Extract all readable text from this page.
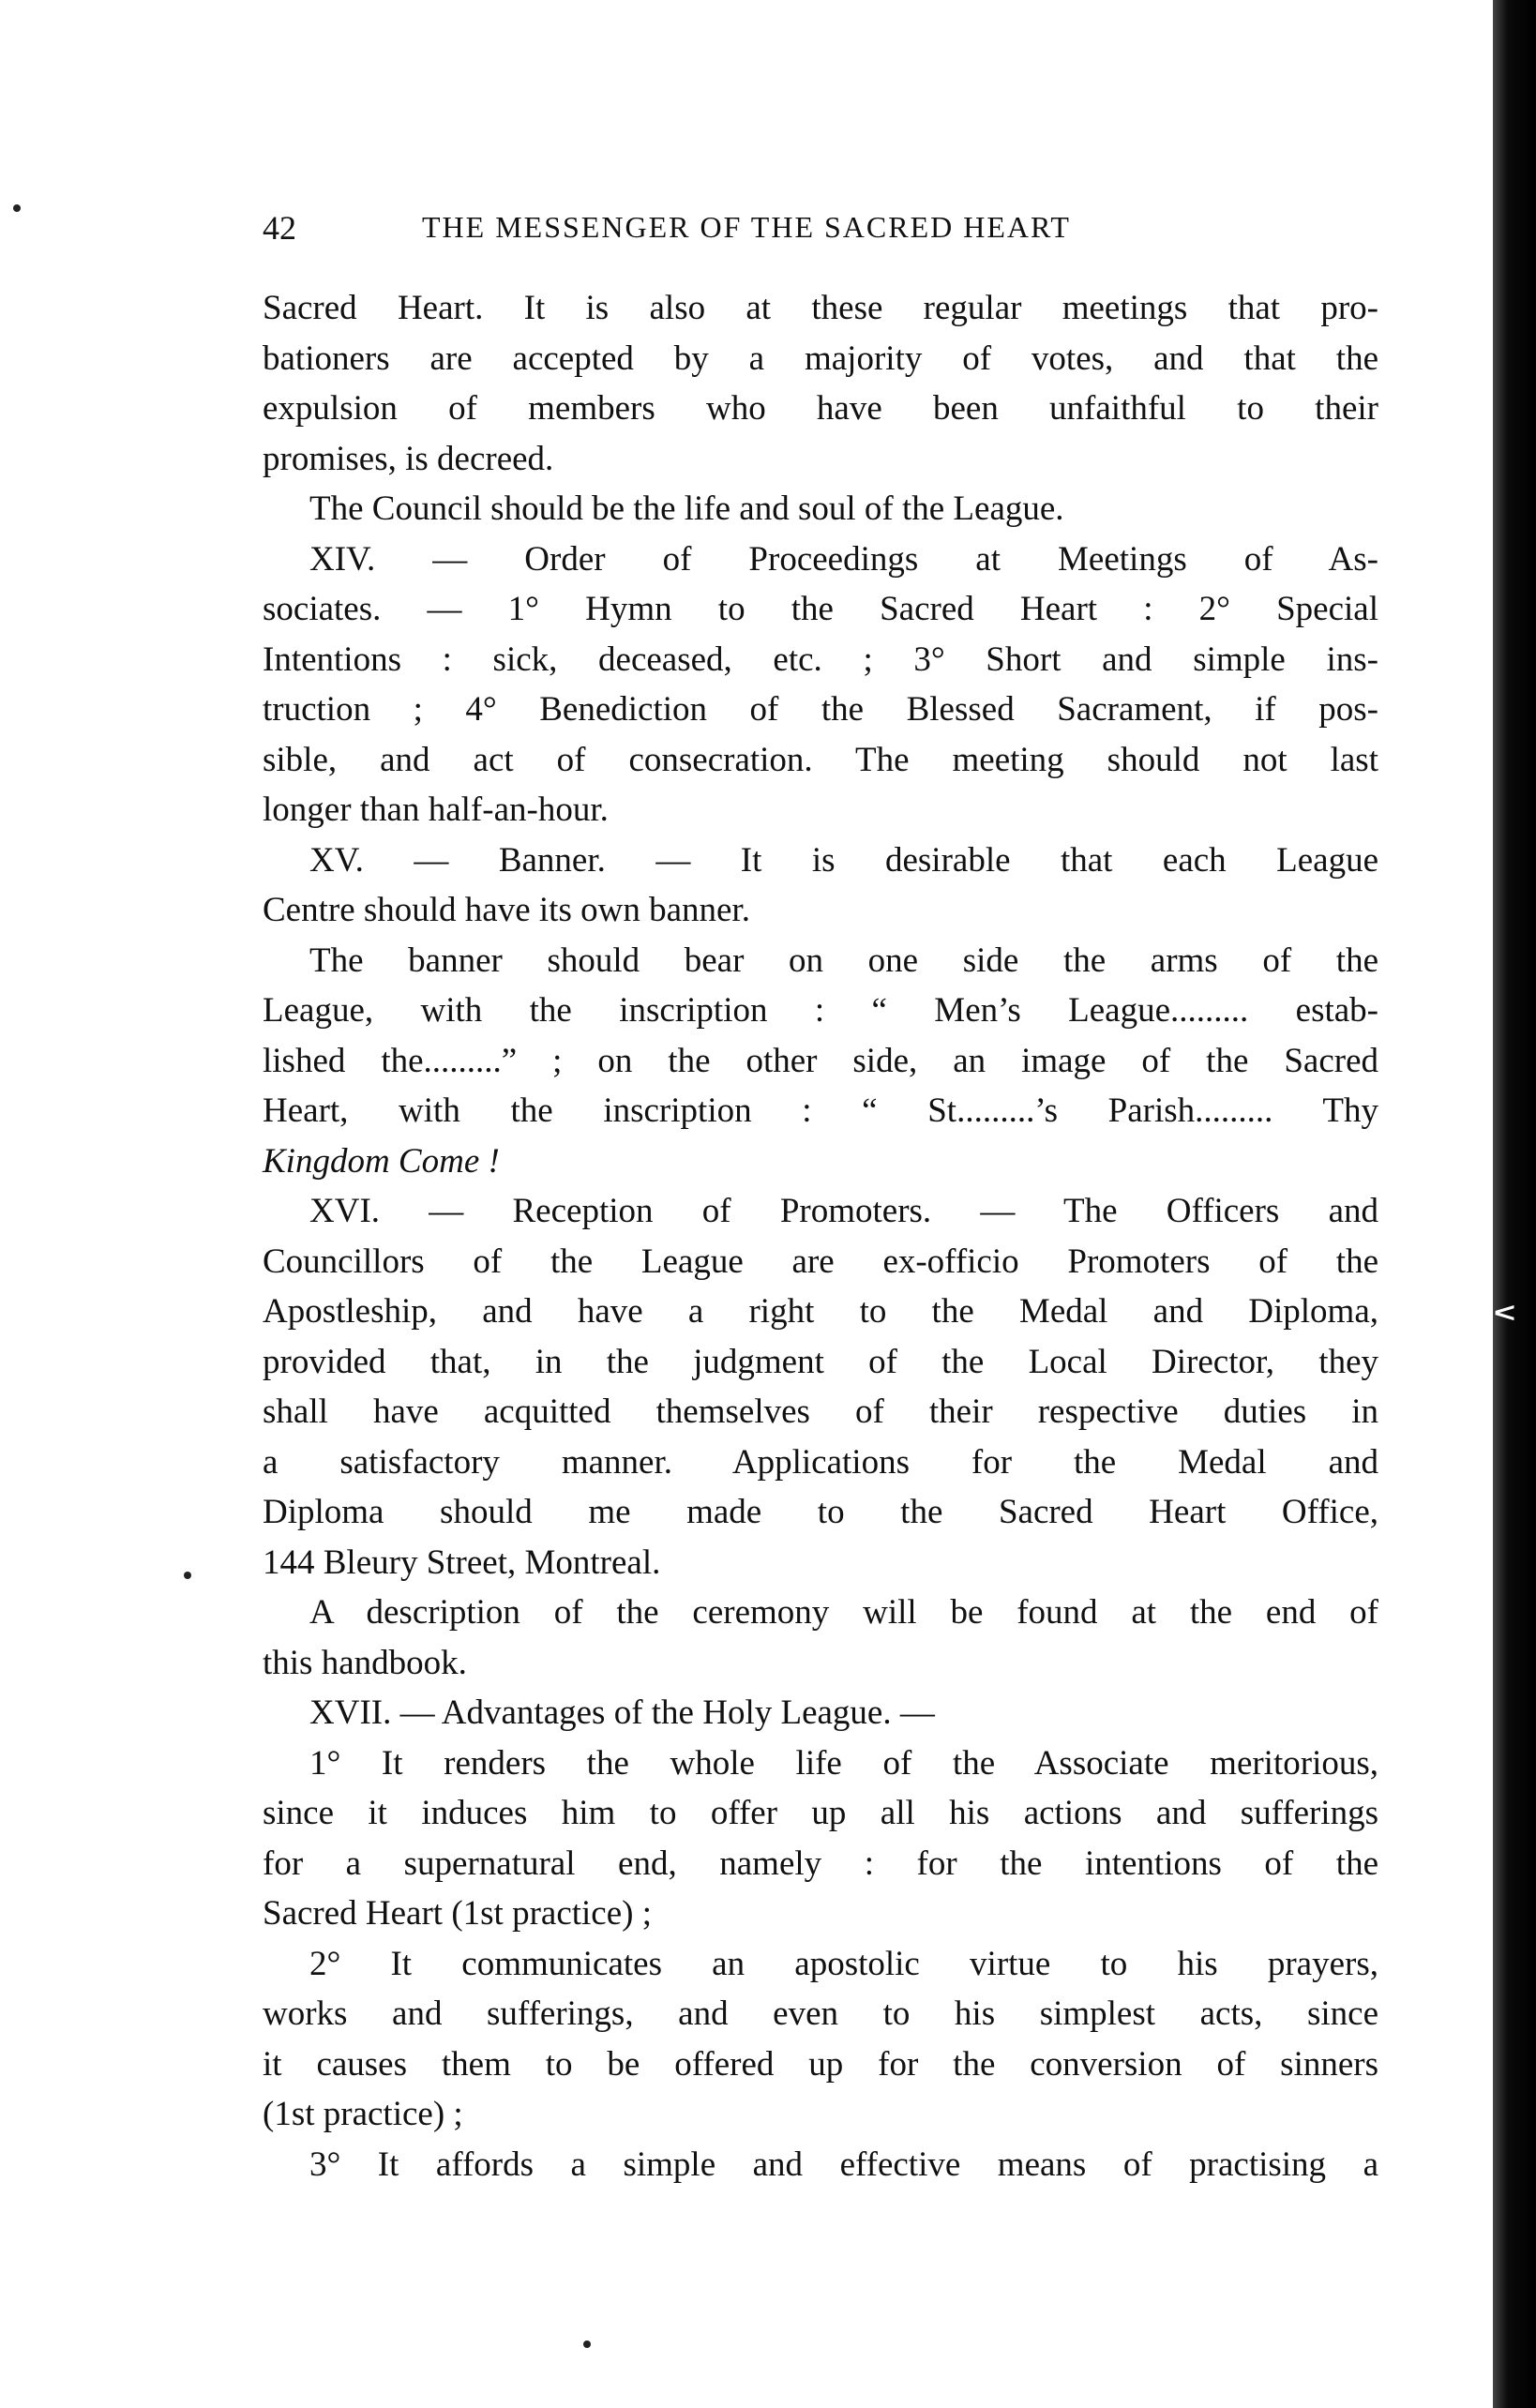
∧
42	THE MESSENGER OF THE SACRED HEART
Sacred Heart. It is also at these regular meetings that pro-
bationers are accepted by a majority of votes, and that the
expulsion of members who have been unfaithful to their
promises, is decreed.
The Council should be the life and soul of the League.
XIV. — Order of Proceedings at Meetings of As-
sociates. — 1° Hymn to the Sacred Heart : 2° Special
Intentions : sick, deceased, etc. ; 3° Short and simple ins-
truction ; 4° Benediction of the Blessed Sacrament, if pos-
sible, and act of consecration. The meeting should not last
longer than half-an-hour.
XV. — Banner. — It is desirable that each League
Centre should have its own banner.
The banner should bear on one side the arms of the
League, with the inscription : “ Men’s League......... estab-
lished the.........” ; on the other side, an image of the Sacred
Heart, with the inscription : “ St.........’s Parish......... Thy
Kingdom Come !
XVI. — Reception of Promoters. — The Officers and
Councillors of the League are ex-officio Promoters of the
Apostleship, and have a right to the Medal and Diploma,
provided that, in the judgment of the Local Director, they
shall have acquitted themselves of their respective duties in
a satisfactory manner. Applications for the Medal and
Diploma should me made to the Sacred Heart Office,
144 Bleury Street, Montreal.
A description of the ceremony will be found at the end of
this handbook.
XVII. — Advantages of the Holy League. —
1° It renders the whole life of the Associate meritorious,
since it induces him to offer up all his actions and sufferings
for a supernatural end, namely : for the intentions of the
Sacred Heart (1st practice) ;
2° It communicates an apostolic virtue to his prayers,
works and sufferings, and even to his simplest acts, since
it causes them to be offered up for the conversion of sinners
(1st practice) ;
3° It affords a simple and effective means of practising a
